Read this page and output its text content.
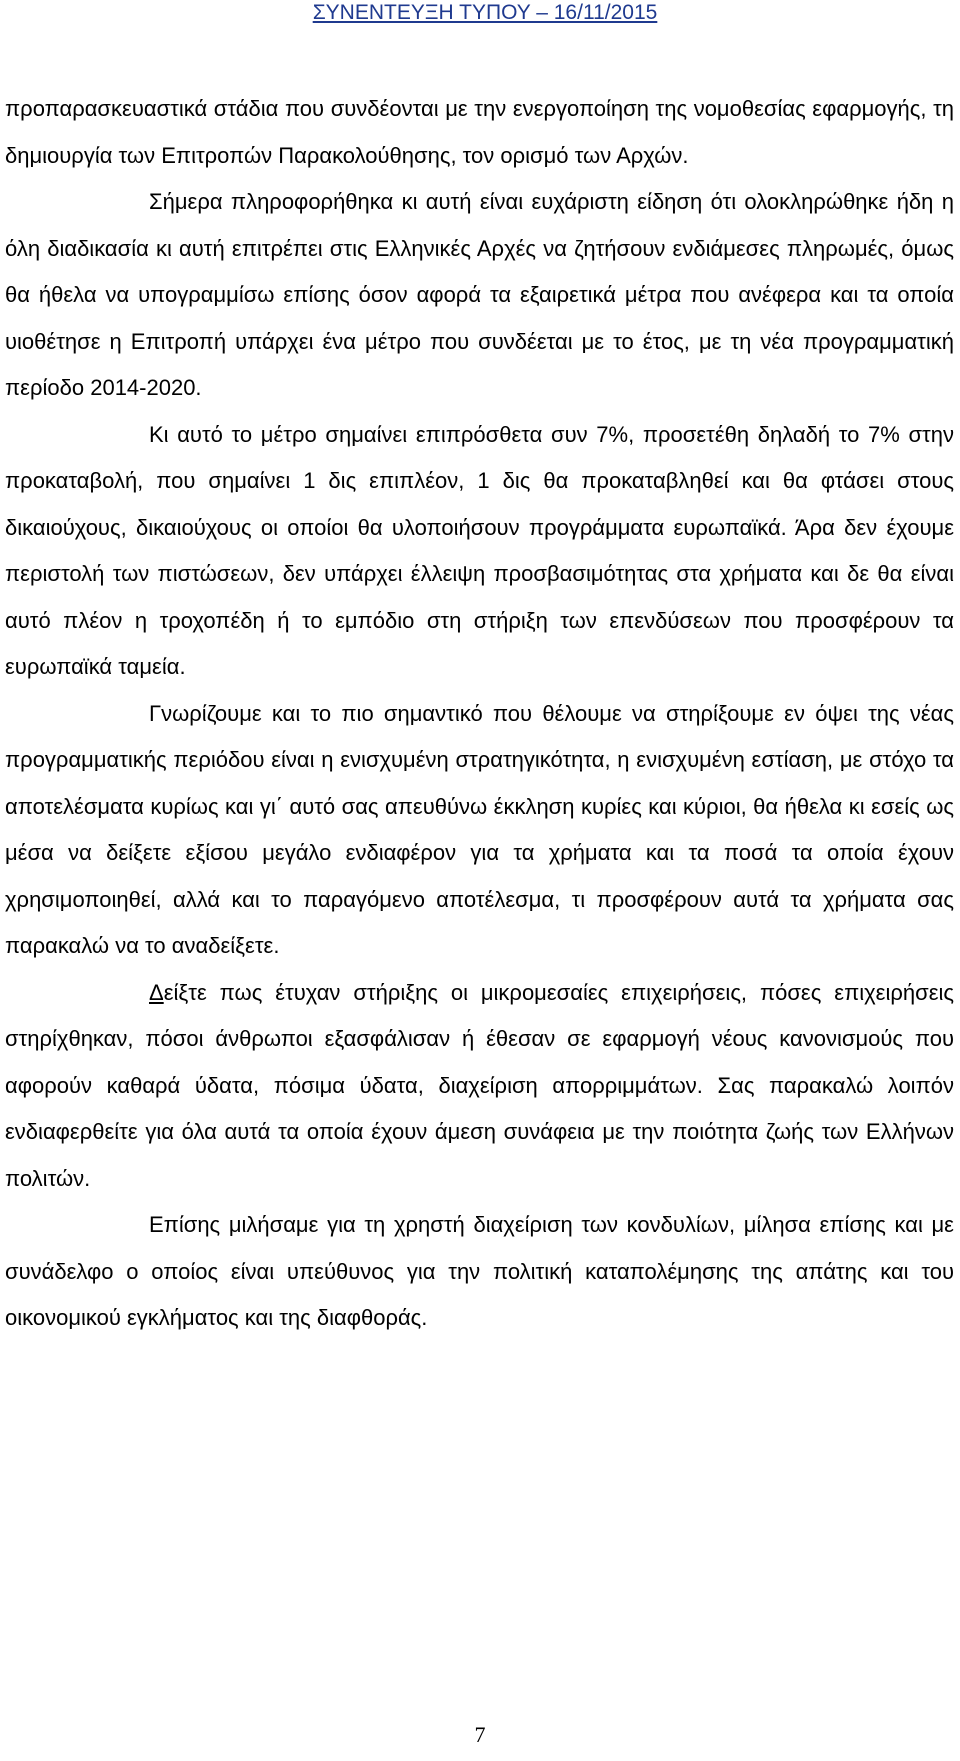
ΣΥΝΕΝΤΕΥΞΗ ΤΥΠΟΥ – 16/11/2015

προπαρασκευαστικά στάδια που συνδέονται με την ενεργοποίηση της νομοθεσίας εφαρμογής, τη δημιουργία των Επιτροπών Παρακολούθησης, τον ορισμό των Αρχών.

Σήμερα πληροφορήθηκα κι αυτή είναι ευχάριστη είδηση ότι ολοκληρώθηκε ήδη η όλη διαδικασία κι αυτή επιτρέπει στις Ελληνικές Αρχές να ζητήσουν ενδιάμεσες πληρωμές, όμως θα ήθελα να υπογραμμίσω επίσης όσον αφορά τα εξαιρετικά μέτρα που ανέφερα και τα οποία υιοθέτησε η Επιτροπή υπάρχει ένα μέτρο που συνδέεται με το έτος, με τη νέα προγραμματική περίοδο 2014-2020.

Κι αυτό το μέτρο σημαίνει επιπρόσθετα συν 7%, προσετέθη δηλαδή το 7% στην προκαταβολή, που σημαίνει 1 δις επιπλέον, 1 δις θα προκαταβληθεί και θα φτάσει στους δικαιούχους, δικαιούχους οι οποίοι θα υλοποιήσουν προγράμματα ευρωπαϊκά. Άρα δεν έχουμε περιστολή των πιστώσεων, δεν υπάρχει έλλειψη προσβασιμότητας στα χρήματα και δε θα είναι αυτό πλέον η τροχοπέδη ή το εμπόδιο στη στήριξη των επενδύσεων που προσφέρουν τα ευρωπαϊκά ταμεία.

Γνωρίζουμε και το πιο σημαντικό που θέλουμε να στηρίξουμε εν όψει της νέας προγραμματικής περιόδου είναι η ενισχυμένη στρατηγικότητα, η ενισχυμένη εστίαση, με στόχο τα αποτελέσματα κυρίως και γι΄ αυτό σας απευθύνω έκκληση κυρίες και κύριοι, θα ήθελα κι εσείς ως μέσα να δείξετε εξίσου μεγάλο ενδιαφέρον για τα χρήματα και τα ποσά τα οποία έχουν χρησιμοποιηθεί, αλλά και το παραγόμενο αποτέλεσμα, τι προσφέρουν αυτά τα χρήματα σας παρακαλώ να το αναδείξετε.

Δείξτε πως έτυχαν στήριξης οι μικρομεσαίες επιχειρήσεις, πόσες επιχειρήσεις στηρίχθηκαν, πόσοι άνθρωποι εξασφάλισαν ή έθεσαν σε εφαρμογή νέους κανονισμούς που αφορούν καθαρά ύδατα, πόσιμα ύδατα, διαχείριση απορριμμάτων. Σας παρακαλώ λοιπόν ενδιαφερθείτε για όλα αυτά τα οποία έχουν άμεση συνάφεια με την ποιότητα ζωής των Ελλήνων πολιτών.

Επίσης μιλήσαμε για τη χρηστή διαχείριση των κονδυλίων, μίλησα επίσης και με συνάδελφο ο οποίος είναι υπεύθυνος για την πολιτική καταπολέμησης της απάτης και του οικονομικού εγκλήματος και της διαφθοράς.

7
